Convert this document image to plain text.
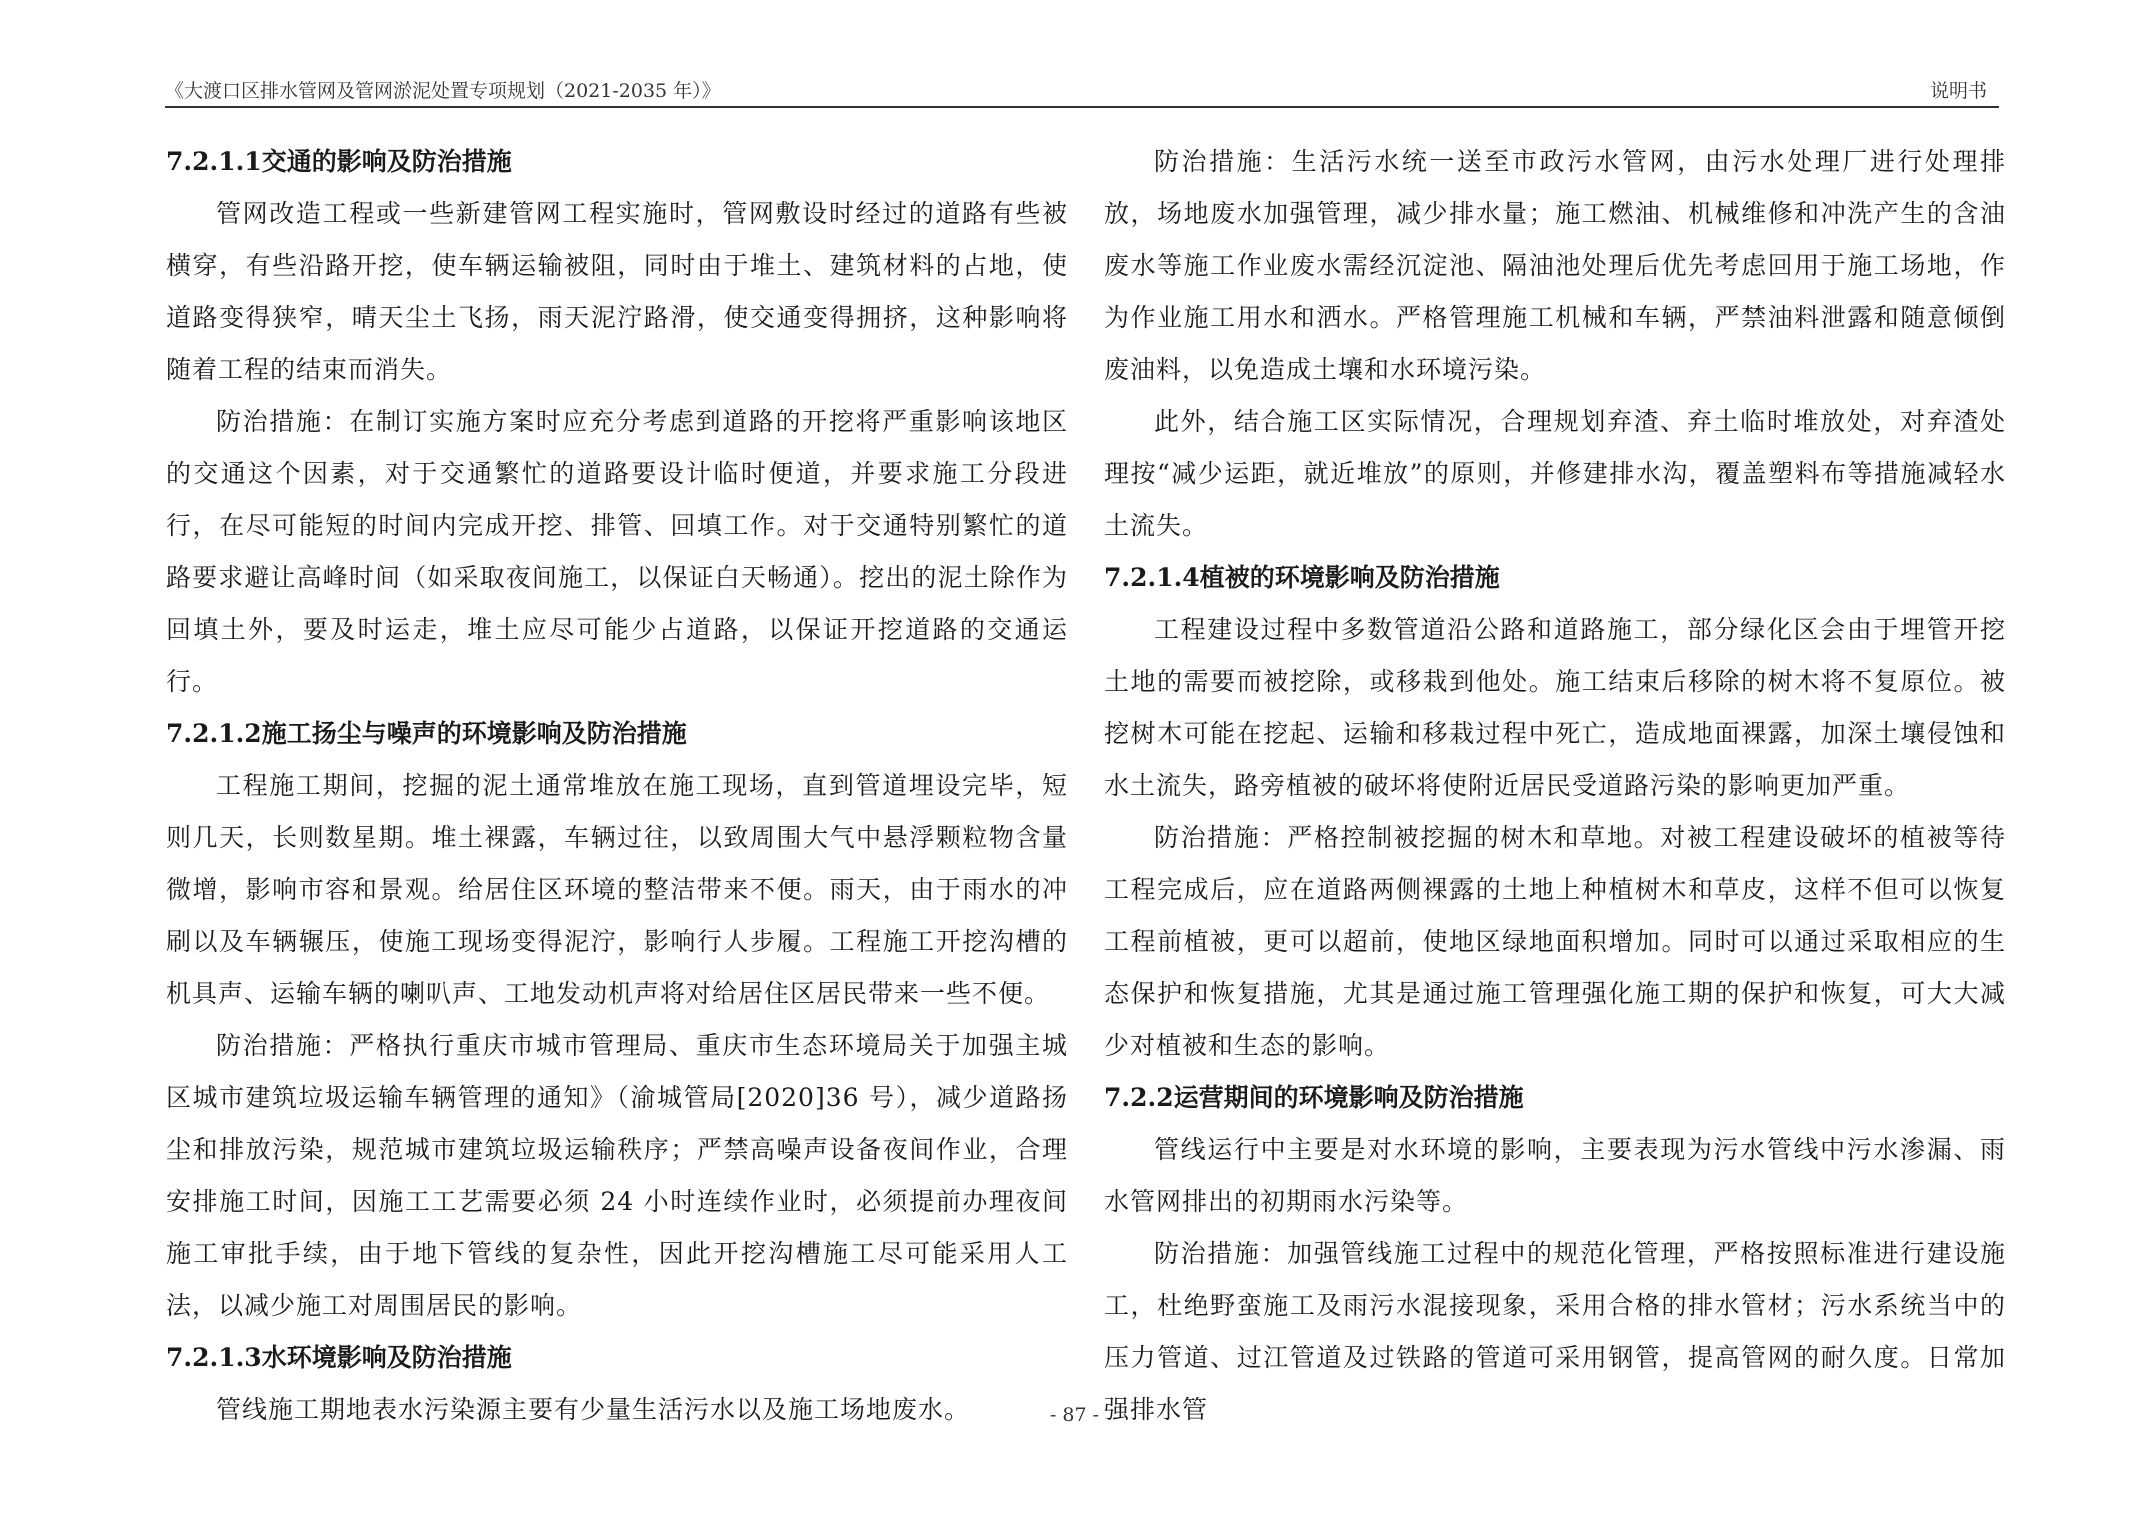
《大渡口区排水管网及管网淤泥处置专项规划（2021-2035 年）》	说明书

7.2.1.1交通的影响及防治措施

管网改造工程或一些新建管网工程实施时，管网敷设时经过的道路有些被横穿，有些沿路开挖，使车辆运输被阻，同时由于堆土、建筑材料的占地，使道路变得狭窄，晴天尘土飞扬，雨天泥泞路滑，使交通变得拥挤，这种影响将随着工程的结束而消失。

防治措施：在制订实施方案时应充分考虑到道路的开挖将严重影响该地区的交通这个因素，对于交通繁忙的道路要设计临时便道，并要求施工分段进行，在尽可能短的时间内完成开挖、排管、回填工作。对于交通特别繁忙的道路要求避让高峰时间（如采取夜间施工，以保证白天畅通）。挖出的泥土除作为回填土外，要及时运走，堆土应尽可能少占道路，以保证开挖道路的交通运行。

7.2.1.2施工扬尘与噪声的环境影响及防治措施

工程施工期间，挖掘的泥土通常堆放在施工现场，直到管道埋设完毕，短则几天，长则数星期。堆土裸露，车辆过往，以致周围大气中悬浮颗粒物含量微增，影响市容和景观。给居住区环境的整洁带来不便。雨天，由于雨水的冲刷以及车辆辗压，使施工现场变得泥泞，影响行人步履。工程施工开挖沟槽的机具声、运输车辆的喇叭声、工地发动机声将对给居住区居民带来一些不便。

防治措施：严格执行重庆市城市管理局、重庆市生态环境局关于加强主城区城市建筑垃圾运输车辆管理的通知》（渝城管局[2020]36 号），减少道路扬尘和排放污染，规范城市建筑垃圾运输秩序；严禁高噪声设备夜间作业，合理安排施工时间，因施工工艺需要必须 24 小时连续作业时，必须提前办理夜间施工审批手续，由于地下管线的复杂性，因此开挖沟槽施工尽可能采用人工法，以减少施工对周围居民的影响。

7.2.1.3水环境影响及防治措施

管线施工期地表水污染源主要有少量生活污水以及施工场地废水。

防治措施：生活污水统一送至市政污水管网，由污水处理厂进行处理排放，场地废水加强管理，减少排水量；施工燃油、机械维修和冲洗产生的含油废水等施工作业废水需经沉淀池、隔油池处理后优先考虑回用于施工场地，作为作业施工用水和洒水。严格管理施工机械和车辆，严禁油料泄露和随意倾倒废油料，以免造成土壤和水环境污染。

此外，结合施工区实际情况，合理规划弃渣、弃土临时堆放处，对弃渣处理按“减少运距，就近堆放”的原则，并修建排水沟，覆盖塑料布等措施减轻水土流失。

7.2.1.4植被的环境影响及防治措施

工程建设过程中多数管道沿公路和道路施工，部分绿化区会由于埋管开挖土地的需要而被挖除，或移栽到他处。施工结束后移除的树木将不复原位。被挖树木可能在挖起、运输和移栽过程中死亡，造成地面裸露，加深土壤侵蚀和水土流失，路旁植被的破坏将使附近居民受道路污染的影响更加严重。

防治措施：严格控制被挖掘的树木和草地。对被工程建设破坏的植被等待工程完成后，应在道路两侧裸露的土地上种植树木和草皮，这样不但可以恢复工程前植被，更可以超前，使地区绿地面积增加。同时可以通过采取相应的生态保护和恢复措施，尤其是通过施工管理强化施工期的保护和恢复，可大大减少对植被和生态的影响。

7.2.2运营期间的环境影响及防治措施

管线运行中主要是对水环境的影响，主要表现为污水管线中污水渗漏、雨水管网排出的初期雨水污染等。

防治措施：加强管线施工过程中的规范化管理，严格按照标准进行建设施工，杜绝野蛮施工及雨污水混接现象，采用合格的排水管材；污水系统当中的压力管道、过江管道及过铁路的管道可采用钢管，提高管网的耐久度。日常加强排水管

- 87 -
